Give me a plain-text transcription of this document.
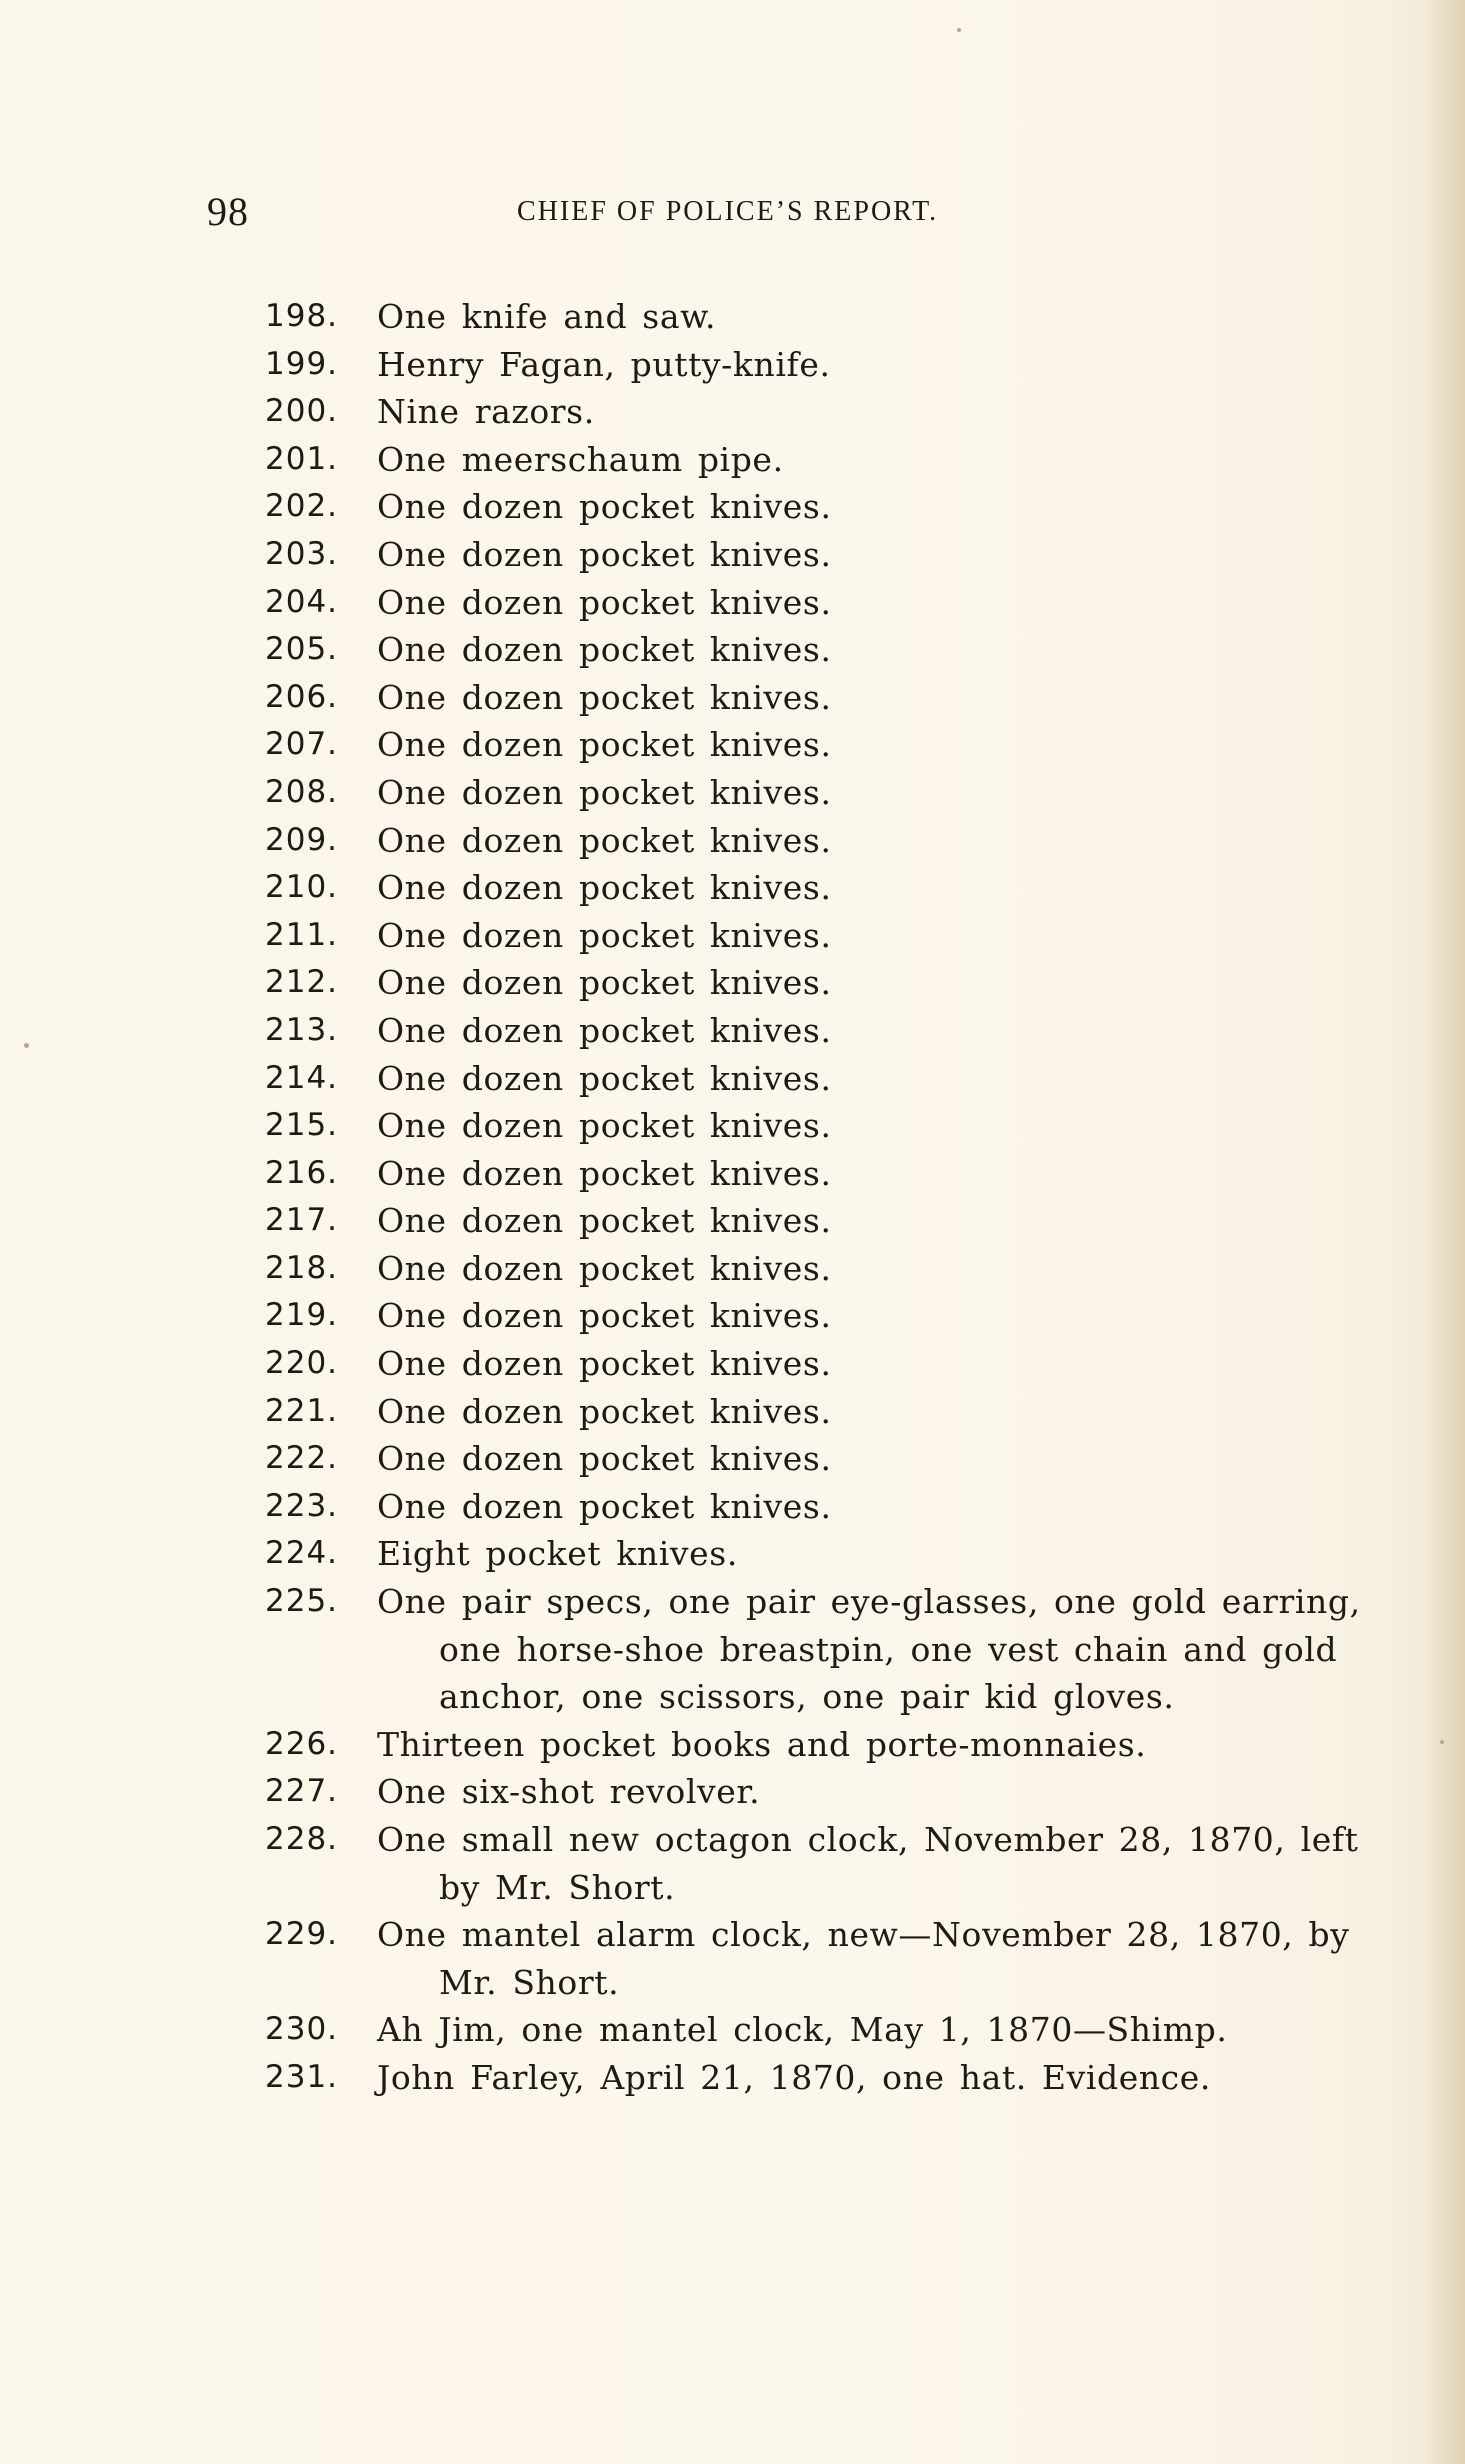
98	CHIEF OF POLICE’S REPORT.
198.	One knife and saw.
199.	Henry Fagan, putty-knife.
200.	Nine razors.
201.	One meerschaum pipe.
202.	One dozen pocket knives.
203.	One dozen pocket knives.
204.	One dozen pocket knives.
205.	One dozen pocket knives.
206.	One dozen pocket knives.
207.	One dozen pocket knives.
208.	One dozen pocket knives.
209.	One dozen pocket knives.
210.	One dozen pocket knives.
211.	One dozen pocket knives.
212.	One dozen pocket knives.
213.	One dozen pocket knives.
214.	One dozen pocket knives.
215.	One dozen pocket knives.
216.	One dozen pocket knives.
217.	One dozen pocket knives.
218.	One dozen pocket knives.
219.	One dozen pocket knives.
220.	One dozen pocket knives.
221.	One dozen pocket knives.
222.	One dozen pocket knives.
223.	One dozen pocket knives.
224.	Eight pocket knives.
225.	One pair specs, one pair eye-glasses, one gold earring, one horse-shoe breastpin, one vest chain and gold anchor, one scissors, one pair kid gloves.
226.	Thirteen pocket books and porte-monnaies.
227.	One six-shot revolver.
228.	One small new octagon clock, November 28, 1870, left by Mr. Short.
229.	One mantel alarm clock, new—November 28, 1870, by Mr. Short.
230.	Ah Jim, one mantel clock, May 1, 1870—Shimp.
231.	John Farley, April 21, 1870, one hat. Evidence.
